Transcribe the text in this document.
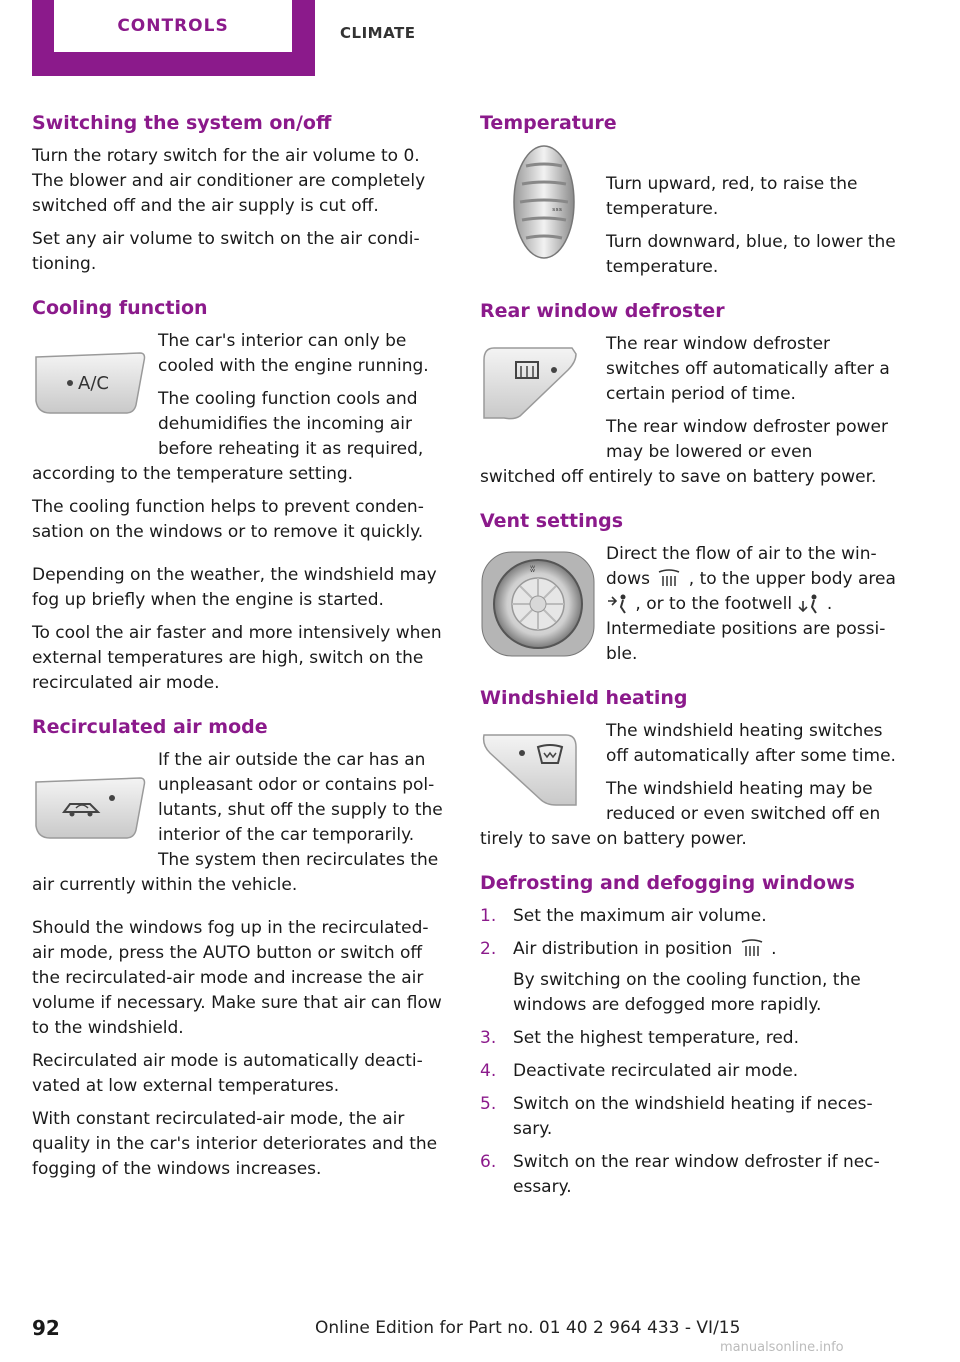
CONTROLS	CLIMATE
Switching the system on/off

Turn the rotary switch for the air volume to 0. The blower and air conditioner are completely switched off and the air supply is cut off.

Set any air volume to switch on the air conditioning.

Cooling function
A/C

The car's interior can only be cooled with the engine running.

The cooling function cools and dehumidifies the incoming air before reheating it as required,

according to the temperature setting.

The cooling function helps to prevent condensation on the windows or to remove it quickly.

Depending on the weather, the windshield may fog up briefly when the engine is started.

To cool the air faster and more intensively when external temperatures are high, switch on the recirculated air mode.

Recirculated air mode

If the air outside the car has an unpleasant odor or contains pollutants, shut off the supply to the interior of the car temporarily. The system then recirculates the

air currently within the vehicle.

Should the windows fog up in the recirculated-air mode, press the AUTO button or switch off the recirculated-air mode and increase the air volume if necessary. Make sure that air can flow to the windshield.

Recirculated air mode is automatically deactivated at low external temperatures.

With constant recirculated-air mode, the air quality in the car's interior deteriorates and the fogging of the windows increases.

Temperature
ˢˢˢ

Turn upward, red, to raise the temperature.

Turn downward, blue, to lower the temperature.

Rear window defroster

The rear window defroster switches off automatically after a certain period of time.

The rear window defroster power may be lowered or even

switched off entirely to save on battery power.

Vent settings
ʬ

Direct the flow of air to the windows , to the upper body area  , or to the footwell . Intermediate positions are possible.

Windshield heating

The windshield heating switches off automatically after some time.

The windshield heating may be reduced or even switched off en

tirely to save on battery power.

Defrosting and defogging windows
1. Set the maximum air volume.
2. Air distribution in position .
By switching on the cooling function, the windows are defogged more rapidly.
3. Set the highest temperature, red.
4. Deactivate recirculated air mode.
5. Switch on the windshield heating if necessary.
6. Switch on the rear window defroster if necessary.
92	Online Edition for Part no. 01 40 2 964 433 - VI/15
manualsonline.info
